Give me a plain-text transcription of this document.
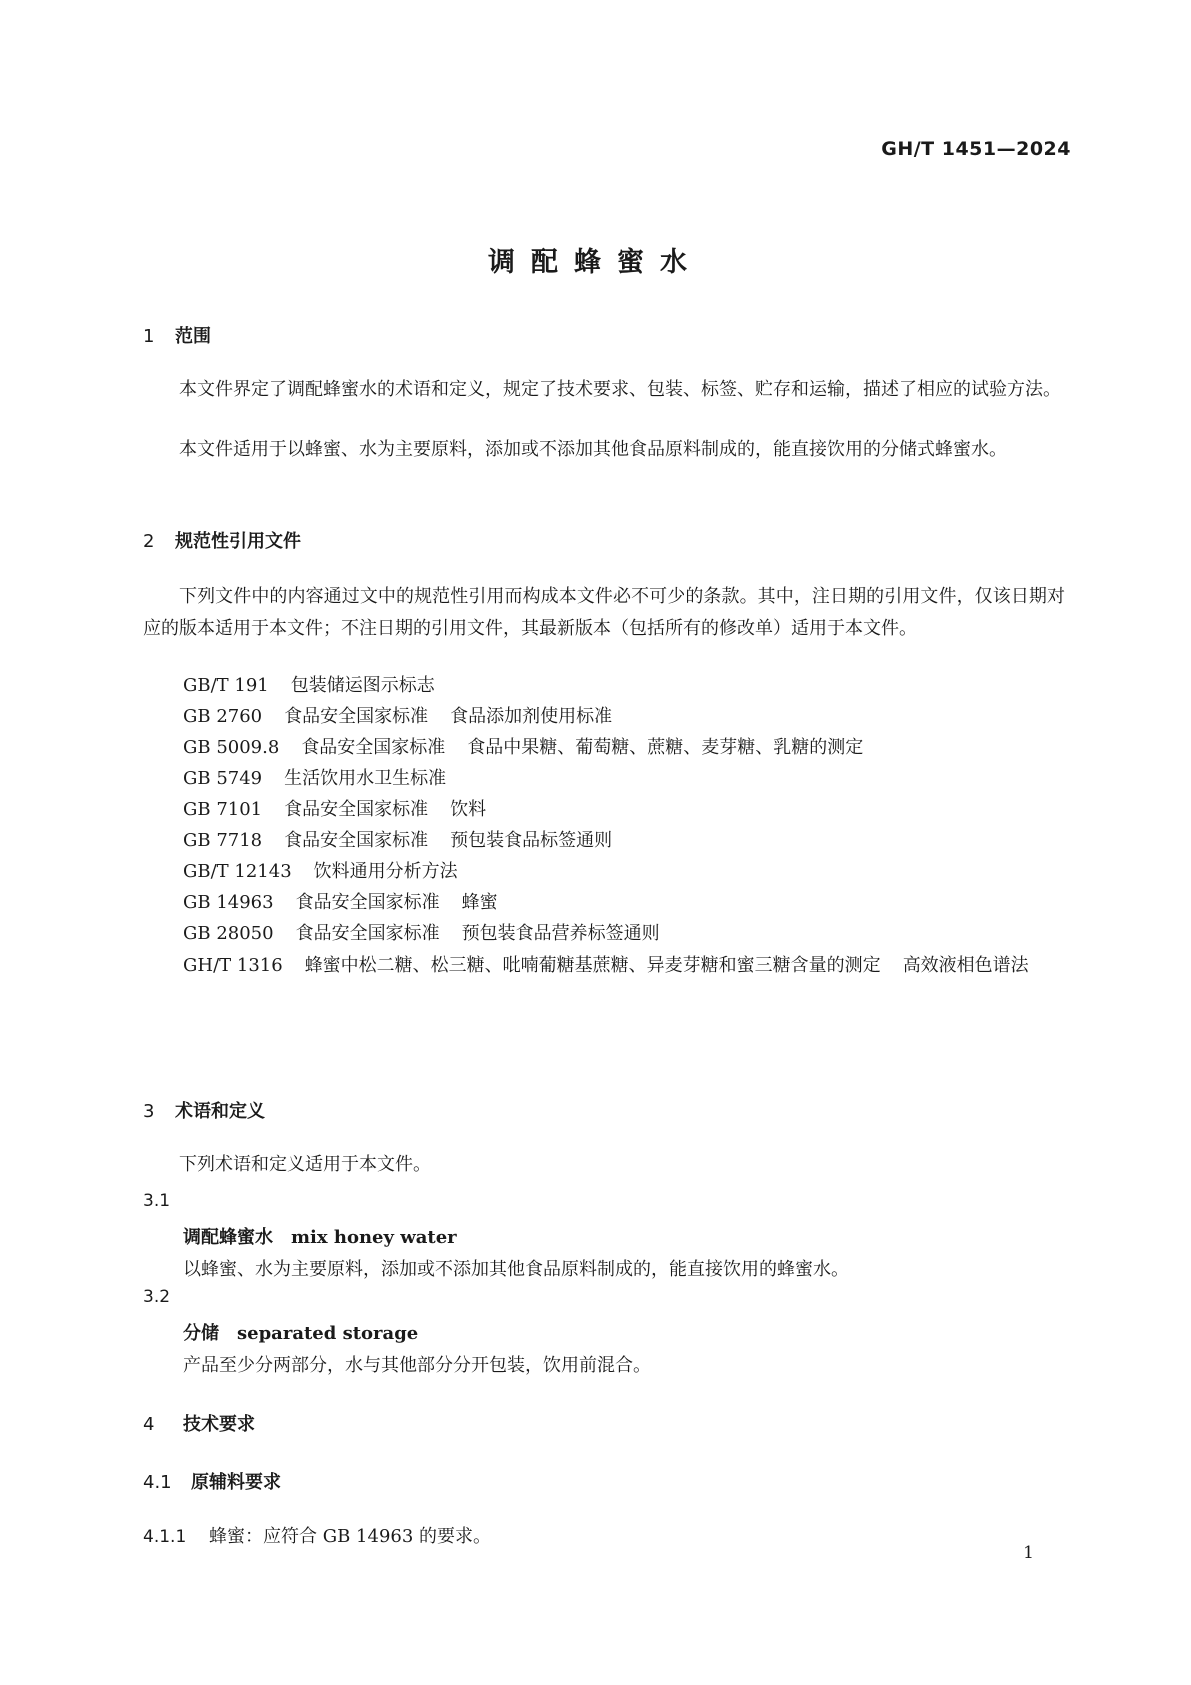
GH/T 1451—2024
调配蜂蜜水
1 范围
本文件界定了调配蜂蜜水的术语和定义，规定了技术要求、包装、标签、贮存和运输，描述了相应的试验方法。
本文件适用于以蜂蜜、水为主要原料，添加或不添加其他食品原料制成的，能直接饮用的分储式蜂蜜水。
2 规范性引用文件
下列文件中的内容通过文中的规范性引用而构成本文件必不可少的条款。其中，注日期的引用文件，仅该日期对应的版本适用于本文件；不注日期的引用文件，其最新版本（包括所有的修改单）适用于本文件。
GB/T 191 包装储运图示标志
GB 2760 食品安全国家标准 食品添加剂使用标准
GB 5009.8 食品安全国家标准 食品中果糖、葡萄糖、蔗糖、麦芽糖、乳糖的测定
GB 5749 生活饮用水卫生标准
GB 7101 食品安全国家标准 饮料
GB 7718 食品安全国家标准 预包装食品标签通则
GB/T 12143 饮料通用分析方法
GB 14963 食品安全国家标准 蜂蜜
GB 28050 食品安全国家标准 预包装食品营养标签通则
GH/T 1316 蜂蜜中松二糖、松三糖、吡喃葡糖基蔗糖、异麦芽糖和蜜三糖含量的测定 高效液相色谱法
3 术语和定义
下列术语和定义适用于本文件。
3.1
调配蜂蜜水 mix honey water
以蜂蜜、水为主要原料，添加或不添加其他食品原料制成的，能直接饮用的蜂蜜水。
3.2
分储 separated storage
产品至少分两部分，水与其他部分分开包装，饮用前混合。
4 技术要求
4.1 原辅料要求
4.1.1 蜂蜜：应符合 GB 14963 的要求。
1
